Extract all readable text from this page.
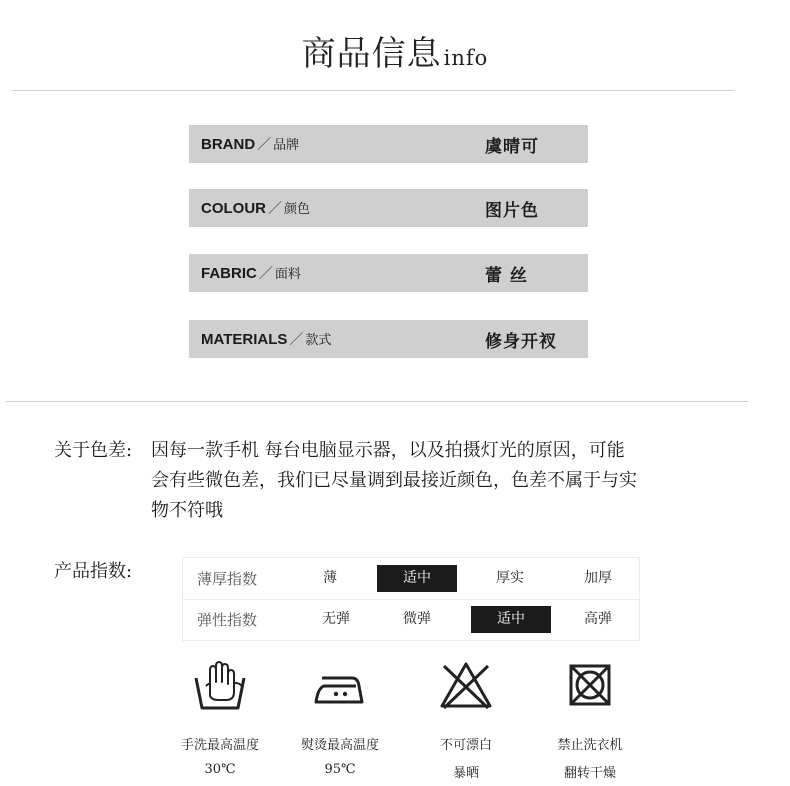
商品信息info
BRAND ／ 品牌	虞晴可
COLOUR ／ 颜色	图片色
FABRIC ／ 面料	蕾 丝
MATERIALS ／ 款式	修身开衩
关于色差: 因每一款手机 每台电脑显示器，以及拍摄灯光的原因，可能
会有些微色差，我们已尽量调到最接近颜色，色差不属于与实
物不符哦
产品指数:	薄厚指数	薄	适中	厚实	加厚
弹性指数	无弹	微弹	适中	高弹
手洗最高温度
30℃
熨烫最高温度
95℃
不可漂白
暴晒
禁止洗衣机
翻转干燥
